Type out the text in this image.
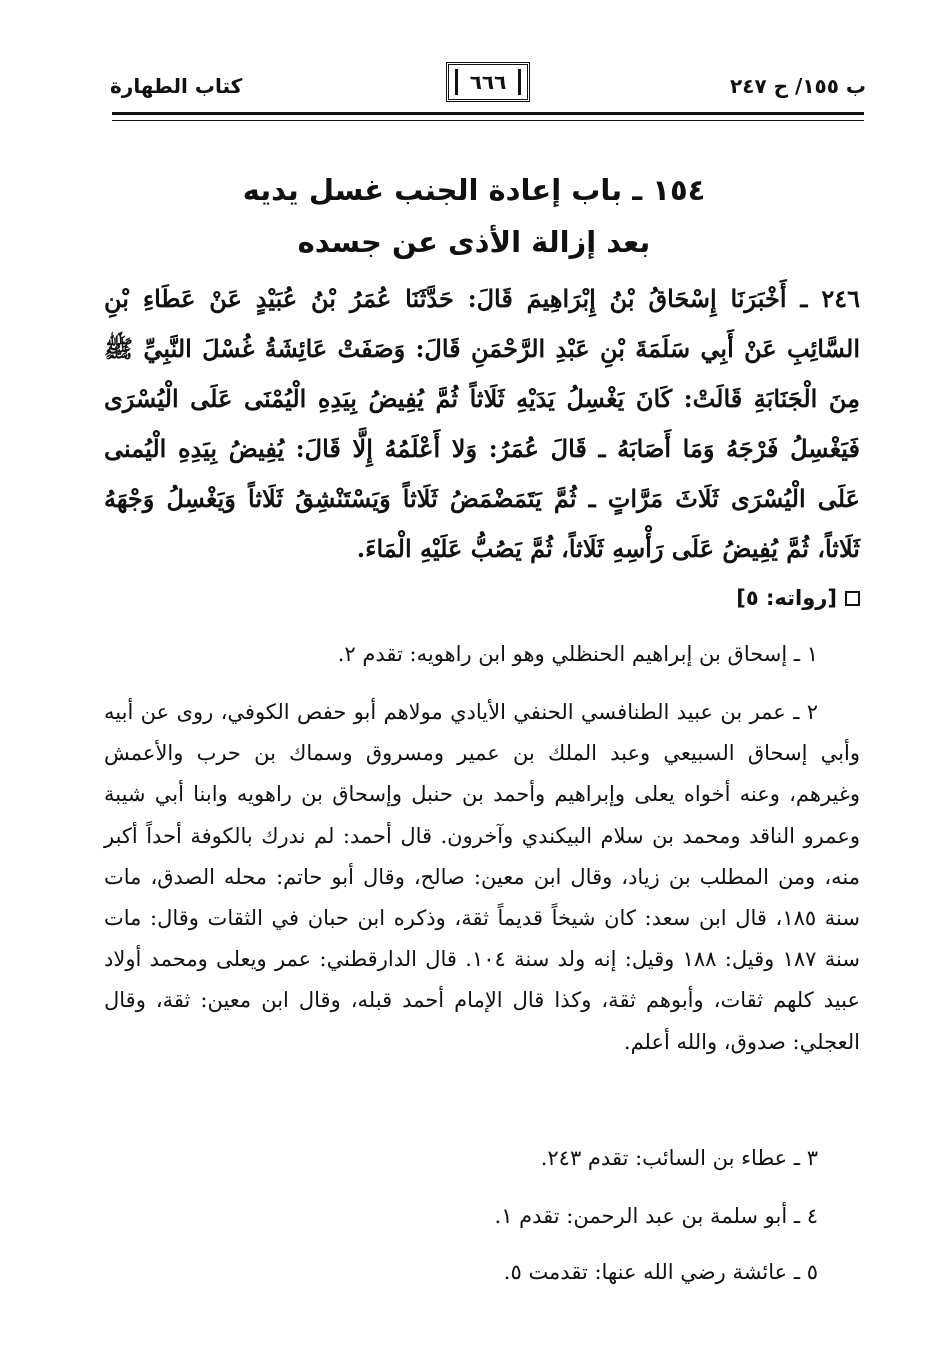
ب ١٥٥/ ح ٢٤٧
٦٦٦
كتاب الطهارة
١٥٤ ـ باب إعادة الجنب غسل يديه
بعد إزالة الأذى عن جسده
٢٤٦ ـ أَخْبَرَنَا إِسْحَاقُ بْنُ إِبْرَاهِيمَ قَالَ: حَدَّثَنَا عُمَرُ بْنُ عُبَيْدٍ عَنْ عَطَاءِ بْنِ السَّائِبِ عَنْ أَبِي سَلَمَةَ بْنِ عَبْدِ الرَّحْمَنِ قَالَ: وَصَفَتْ عَائِشَةُ غُسْلَ النَّبِيِّ ﷺ مِنَ الْجَنَابَةِ قَالَتْ: كَانَ يَغْسِلُ يَدَيْهِ ثَلَاثاً ثُمَّ يُفِيضُ بِيَدِهِ الْيُمْنَى عَلَى الْيُسْرَى فَيَغْسِلُ فَرْجَهُ وَمَا أَصَابَهُ ـ قَالَ عُمَرُ: وَلا أَعْلَمُهُ إِلَّا قَالَ: يُفِيضُ بِيَدِهِ الْيُمنى عَلَى الْيُسْرَى ثَلَاثَ مَرَّاتٍ ـ ثُمَّ يَتَمَضْمَضُ ثَلَاثاً وَيَسْتَنْشِقُ ثَلَاثاً وَيَغْسِلُ وَجْهَهُ ثَلَاثاً، ثُمَّ يُفِيضُ عَلَى رَأْسِهِ ثَلَاثاً، ثُمَّ يَصُبُّ عَلَيْهِ الْمَاءَ.
[رواته: ٥]
١ ـ إسحاق بن إبراهيم الحنظلي وهو ابن راهويه: تقدم ٢.
٢ ـ عمر بن عبيد الطنافسي الحنفي الأيادي مولاهم أبو حفص الكوفي، روى عن أبيه وأبي إسحاق السبيعي وعبد الملك بن عمير ومسروق وسماك بن حرب والأعمش وغيرهم، وعنه أخواه يعلى وإبراهيم وأحمد بن حنبل وإسحاق بن راهويه وابنا أبي شيبة وعمرو الناقد ومحمد بن سلام البيكندي وآخرون. قال أحمد: لم ندرك بالكوفة أحداً أكبر منه، ومن المطلب بن زياد، وقال ابن معين: صالح، وقال أبو حاتم: محله الصدق، مات سنة ١٨٥، قال ابن سعد: كان شيخاً قديماً ثقة، وذكره ابن حبان في الثقات وقال: مات سنة ١٨٧ وقيل: ١٨٨ وقيل: إنه ولد سنة ١٠٤. قال الدارقطني: عمر ويعلى ومحمد أولاد عبيد كلهم ثقات، وأبوهم ثقة، وكذا قال الإمام أحمد قبله، وقال ابن معين: ثقة، وقال العجلي: صدوق، والله أعلم.
٣ ـ عطاء بن السائب: تقدم ٢٤٣.
٤ ـ أبو سلمة بن عبد الرحمن: تقدم ١.
٥ ـ عائشة رضي الله عنها: تقدمت ٥.
